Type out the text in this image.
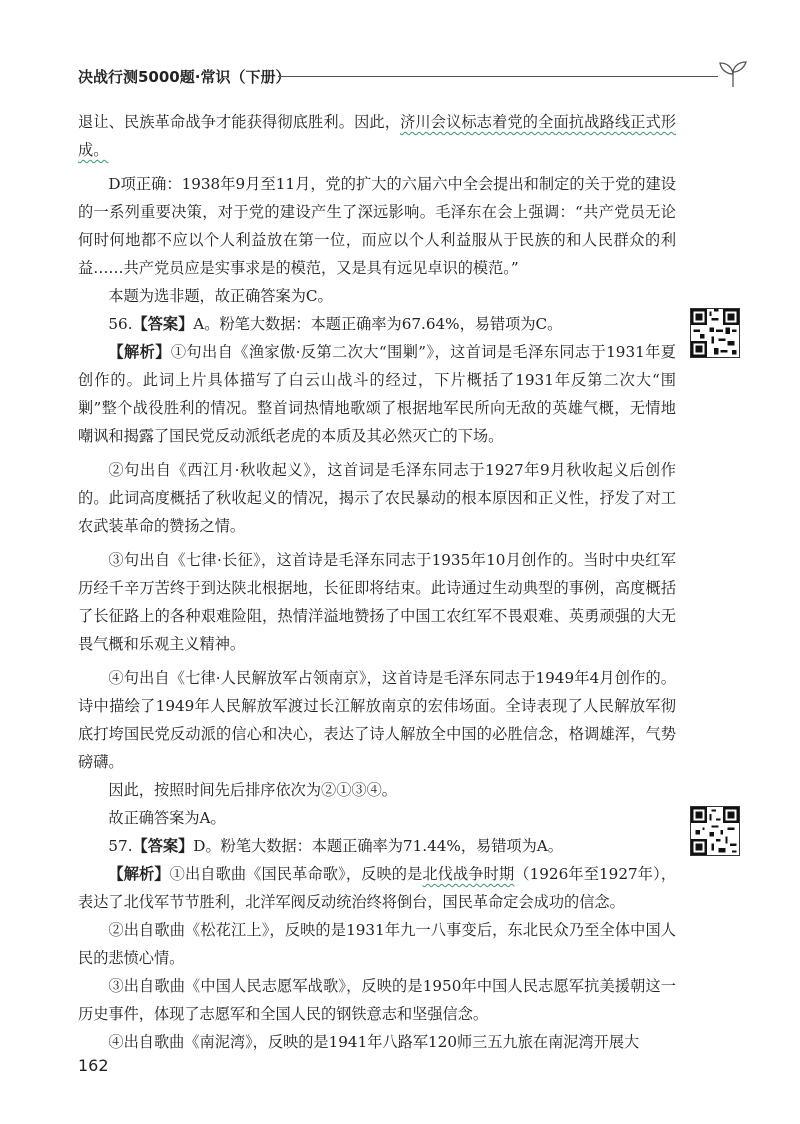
决战行测5000题·常识（下册）

退让、民族革命战争才能获得彻底胜利。因此，济川会议标志着党的全面抗战路线正式形成。

D项正确：1938年9月至11月，党的扩大的六届六中全会提出和制定的关于党的建设的一系列重要决策，对于党的建设产生了深远影响。毛泽东在会上强调：“共产党员无论何时何地都不应以个人利益放在第一位，而应以个人利益服从于民族的和人民群众的利益……共产党员应是实事求是的模范，又是具有远见卓识的模范。”

本题为选非题，故正确答案为C。

56.【答案】A。粉笔大数据：本题正确率为67.64%，易错项为C。

【解析】①句出自《渔家傲·反第二次大“围剿”》，这首词是毛泽东同志于1931年夏创作的。此词上片具体描写了白云山战斗的经过，下片概括了1931年反第二次大“围剿”整个战役胜利的情况。整首词热情地歌颂了根据地军民所向无敌的英雄气概，无情地嘲讽和揭露了国民党反动派纸老虎的本质及其必然灭亡的下场。

②句出自《西江月·秋收起义》，这首词是毛泽东同志于1927年9月秋收起义后创作的。此词高度概括了秋收起义的情况，揭示了农民暴动的根本原因和正义性，抒发了对工农武装革命的赞扬之情。

③句出自《七律·长征》，这首诗是毛泽东同志于1935年10月创作的。当时中央红军历经千辛万苦终于到达陕北根据地，长征即将结束。此诗通过生动典型的事例，高度概括了长征路上的各种艰难险阻，热情洋溢地赞扬了中国工农红军不畏艰难、英勇顽强的大无畏气概和乐观主义精神。

④句出自《七律·人民解放军占领南京》，这首诗是毛泽东同志于1949年4月创作的。诗中描绘了1949年人民解放军渡过长江解放南京的宏伟场面。全诗表现了人民解放军彻底打垮国民党反动派的信心和决心，表达了诗人解放全中国的必胜信念，格调雄浑，气势磅礴。

因此，按照时间先后排序依次为②①③④。

故正确答案为A。

57.【答案】D。粉笔大数据：本题正确率为71.44%，易错项为A。

【解析】①出自歌曲《国民革命歌》，反映的是北伐战争时期（1926年至1927年），表达了北伐军节节胜利，北洋军阀反动统治终将倒台，国民革命定会成功的信念。

②出自歌曲《松花江上》，反映的是1931年九一八事变后，东北民众乃至全体中国人民的悲愤心情。

③出自歌曲《中国人民志愿军战歌》，反映的是1950年中国人民志愿军抗美援朝这一历史事件，体现了志愿军和全国人民的钢铁意志和坚强信念。

④出自歌曲《南泥湾》，反映的是1941年八路军120师三五九旅在南泥湾开展大

162
